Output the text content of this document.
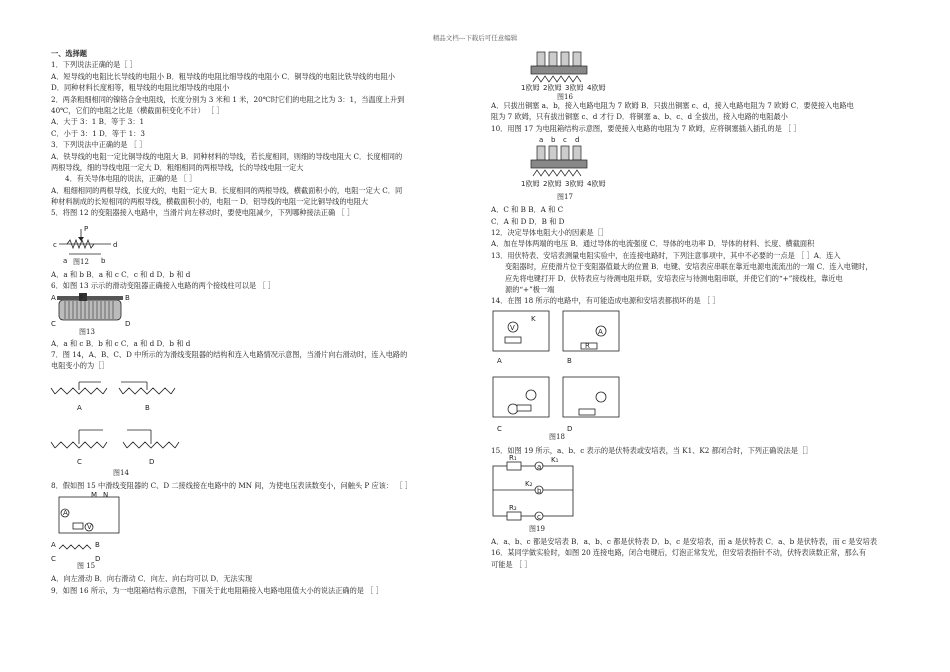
精品文档---下载后可任意编辑
一、选择题
1．下列说法正确的是［ ］
A．短导线的电阻比长导线的电阻小 B．粗导线的电阻比细导线的电阻小 C．铜导线的电阻比铁导线的电阻小
D．同种材料长度相等，粗导线的电阻比细导线的电阻小
2．两条粗细相同的镍铬合金电阻线，长度分别为 3 米和 1 米，20℃时它们的电阻之比为 3：1，当温度上升到
40℃，它们的电阻之比是（横截面积变化不计） ［ ］
A．大于 3：1 B．等于 3：1
C．小于 3：1 D．等于 1：3
3．下列说法中正确的是 ［ ］
A．铁导线的电阻一定比铜导线的电阻大 B．同种材料的导线，若长度相同，则细的导线电阻大 C．长度相同的
两根导线，细的导线电阻一定大 D．粗细相同的两根导线，长的导线电阻一定大
4．有关导体电阻的说法，正确的是 ［ ］
A．粗细相同的两根导线，长度大的，电阻一定大 B．长度相同的两根导线，横截面积小的，电阻一定大 C．同
种材料制成的长短相同的两根导线，横截面积小的，电阻一 D．铝导线的电阻一定比铜导线的电阻大
5．将图 12 的变阻器接入电路中，当滑片向左移动时，要使电阻减少，下列哪种接法正确 ［ ］
c
a	b
d
P
图12
A．a 和 b B．a 和 c C．c 和 d D．b 和 d
6．如图 13 示示的滑动变阻器正确接入电路的两个接线柱可以是 ［ ］
A	P	B
C	D
图13
A．a 和 c B．b 和 c C．a 和 d D．b 和 d
7．图 14，A、B、C、D 中所示的为滑线变阻器的结构和连入电路情况示意图，当滑片向右滑动时，连入电路的
电阻变小的为［］
A	B
C	D
图14
8．假如图 15 中滑线变阻器的 C、D 二接线接在电路中的 MN 间，为使电压表读数变小，问触头 P 应该： ［ ］
M N
A
V
A	B
C	D
图 15
A．向左滑动 B．向右滑动 C．向左、向右均可以 D．无法实现
9．如图 16 所示，为一电阻箱结构示意图，下面关于此电阻箱接入电路电阻值大小的说法正确的是 ［ ］
1欧姆 2欧姆 3欧姆 4欧姆
图16
A．只拔出铜塞 a、b，接入电路电阻为 7 欧姆 B．只拔出铜塞 c、d，接入电路电阻为 7 欧姆 C．要使接入电路电
阻为 7 欧姆，只有拔出铜塞 c、d 才行 D．将铜塞 a、b、c、d 全拔出，接入电路的电阻最小
10．用图 17 为电阻箱结构示意图，要使接入电路的电阻为 7 欧姆，应将铜塞插入插孔的是 ［ ］
a b c d
1欧姆 2欧姆 3欧姆 4欧姆
图17
A．C 和 B B．A 和 C
C．A 和 D D．B 和 D
12．决定导体电阻大小的因素是［］
A．加在导体两端的电压 B．通过导体的电流强度 C．导体的电功率 D．导体的材料、长度、横截面积
13．用伏特表、安培表测量电阻实验中，在连接电路时，下列注意事项中，其中不必要的一点是 ［ ］A．连入
变阻器时，应使滑片位于变阻器值最大的位置 B．电键、安培表应串联在靠近电源电流流出的一端 C．连入电键时，
应先将电键打开 D．伏特表应与待测电阻并联，安培表应与待测电阻串联，并使它们的“+”接线柱，靠近电
源的“+”极一端
14．在图 18 所示的电路中，有可能造成电源和安培表都损坏的是 ［ ］
K
V	A
R
A	B
C	D
图18
15．如图 19 所示，a、b、c 表示的是伏特表或安培表，当 K1、K2 都闭合时，下列正确说法是［］
R₁	K₁
a
K₂
b
R₂
c
图19
A．a、b、c 都是安培表 B．a、b、c 都是伏特表 D．b、c 是安培表，而 a 是伏特表 C．a、b 是伏特表，而 c 是安培表
16．某同学做实验时，如图 20 连接电路，闭合电键后，灯泡正常发光，但安培表指针不动，伏特表读数正常，那么有
可能是 ［ ］
